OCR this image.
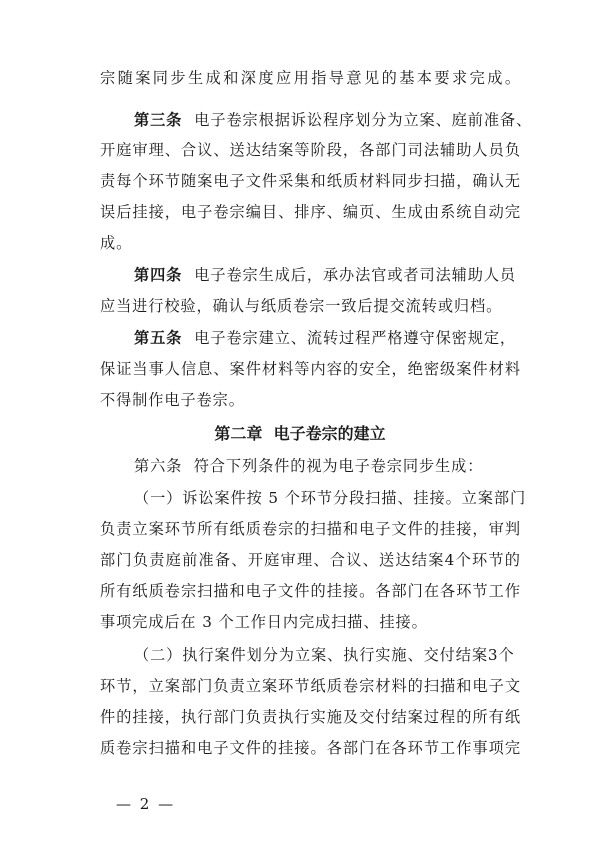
宗随案同步生成和深度应用指导意见的基本要求完成。
第三条 电子卷宗根据诉讼程序划分为立案、庭前准备、
开庭审理、合议、送达结案等阶段，各部门司法辅助人员负
责每个环节随案电子文件采集和纸质材料同步扫描，确认无
误后挂接，电子卷宗编目、排序、编页、生成由系统自动完
成。
第四条 电子卷宗生成后，承办法官或者司法辅助人员
应当进行校验，确认与纸质卷宗一致后提交流转或归档。
第五条 电子卷宗建立、流转过程严格遵守保密规定，
保证当事人信息、案件材料等内容的安全，绝密级案件材料
不得制作电子卷宗。
第二章  电子卷宗的建立
第六条  符合下列条件的视为电子卷宗同步生成：
（一）诉讼案件按 5 个环节分段扫描、挂接。立案部门
负责立案环节所有纸质卷宗的扫描和电子文件的挂接，审判
部门负责庭前准备、开庭审理、合议、送达结案4个环节的
所有纸质卷宗扫描和电子文件的挂接。各部门在各环节工作
事项完成后在 3 个工作日内完成扫描、挂接。
（二）执行案件划分为立案、执行实施、交付结案3个
环节，立案部门负责立案环节纸质卷宗材料的扫描和电子文
件的挂接，执行部门负责执行实施及交付结案过程的所有纸
质卷宗扫描和电子文件的挂接。各部门在各环节工作事项完
— 2 —
